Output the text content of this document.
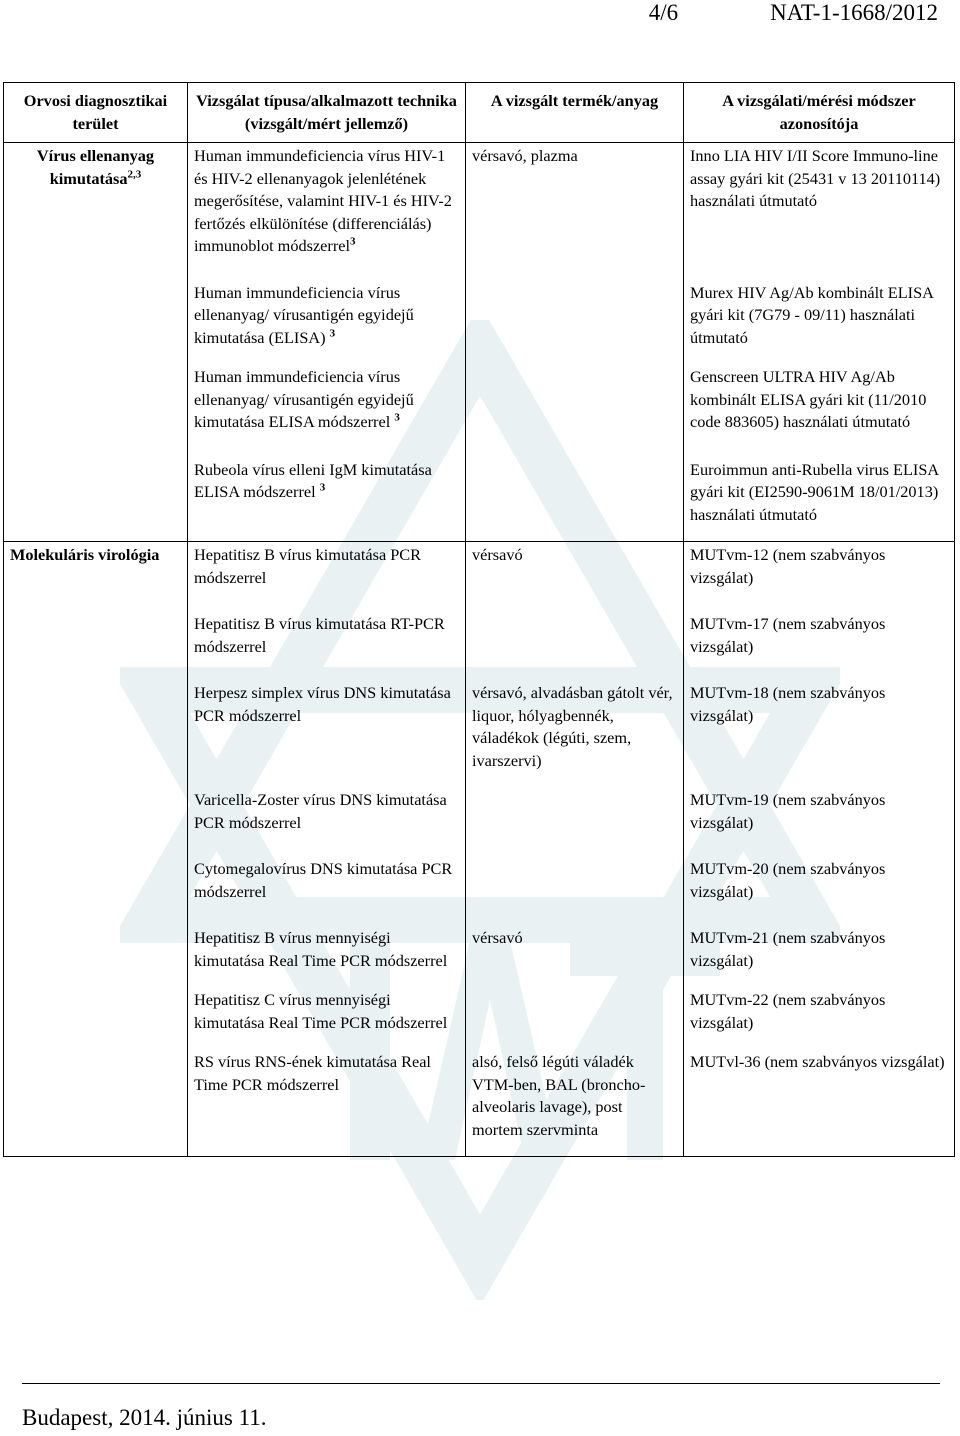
4/6	NAT-1-1668/2012
Orvosi diagnosztikai terület	Vizsgálat típusa/alkalmazott technika (vizsgált/mért jellemző)	A vizsgált termék/anyag	A vizsgálati/mérési módszer azonosítója
Vírus ellenanyag kimutatása$^{2,3}$	Human immundeficiencia vírus HIV-1 és HIV-2 ellenanyagok jelenlétének megerősítése, valamint HIV-1 és HIV-2 fertőzés elkülönítése (differenciálás) immunoblot módszerrel$^3$	vérsavó, plazma	Inno LIA HIV I/II Score Immuno-line assay gyári kit (25431 v 13 20110114) használati útmutató
	Human immundeficiencia vírus ellenanyag/ vírusantigén egyidejű kimutatása (ELISA) $^3$		Murex HIV Ag/Ab kombinált ELISA gyári kit (7G79 - 09/11) használati útmutató
	Human immundeficiencia vírus ellenanyag/ vírusantigén egyidejű kimutatása ELISA módszerrel $^3$		Genscreen ULTRA HIV Ag/Ab kombinált ELISA gyári kit (11/2010 code 883605) használati útmutató
	Rubeola vírus elleni IgM kimutatása ELISA módszerrel $^3$		Euroimmun anti-Rubella virus ELISA gyári kit (EI2590-9061M 18/01/2013) használati útmutató
Molekuláris virológia	Hepatitisz B vírus kimutatása PCR módszerrel	vérsavó	MUTvm-12 (nem szabványos vizsgálat)
	Hepatitisz B vírus kimutatása RT-PCR módszerrel		MUTvm-17 (nem szabványos vizsgálat)
	Herpesz simplex vírus DNS kimutatása PCR módszerrel	vérsavó, alvadásban gátolt vér, liquor, hólyagbennék, váladékok (légúti, szem, ivarszervi)	MUTvm-18 (nem szabványos vizsgálat)
	Varicella-Zoster vírus DNS kimutatása PCR módszerrel		MUTvm-19 (nem szabványos vizsgálat)
	Cytomegalovírus DNS kimutatása PCR módszerrel		MUTvm-20 (nem szabványos vizsgálat)
	Hepatitisz B vírus mennyiségi kimutatása Real Time PCR módszerrel	vérsavó	MUTvm-21 (nem szabványos vizsgálat)
	Hepatitisz C vírus mennyiségi kimutatása Real Time PCR módszerrel		MUTvm-22 (nem szabványos vizsgálat)
	RS vírus RNS-ének kimutatása Real Time PCR módszerrel	alsó, felső légúti váladék VTM-ben, BAL (broncho-alveolaris lavage), post mortem szervminta	MUTvl-36 (nem szabványos vizsgálat)
Budapest, 2014. június 11.
